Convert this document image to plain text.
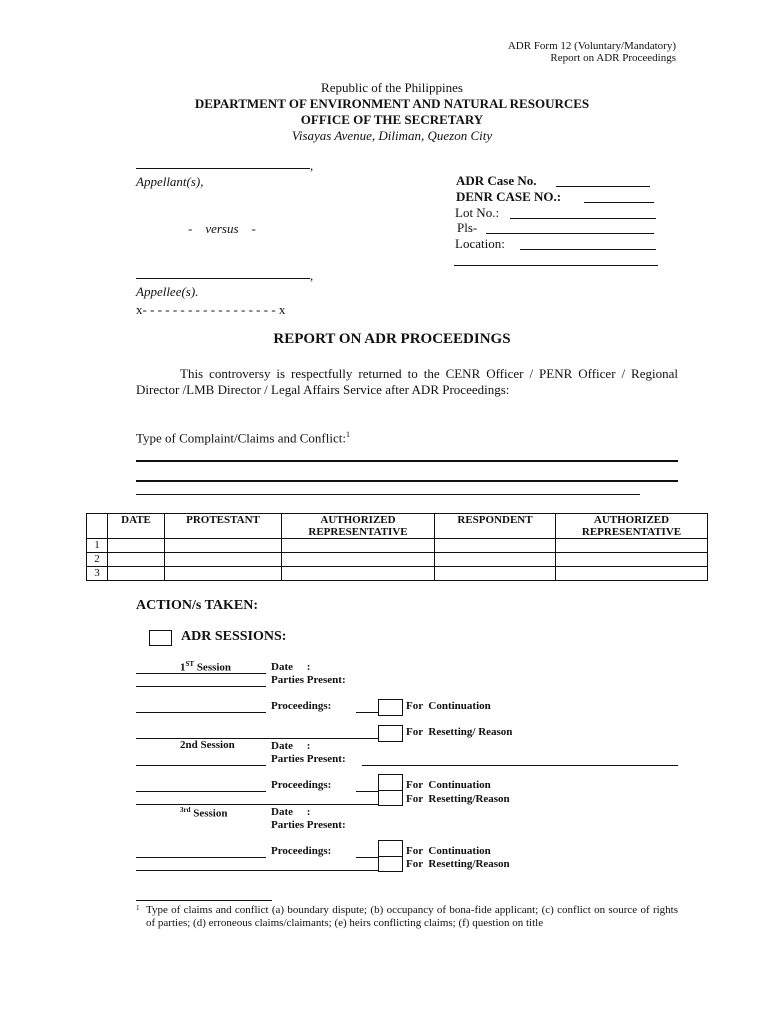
ADR Form 12 (Voluntary/Mandatory)
Report on ADR Proceedings
Republic of the Philippines
DEPARTMENT OF ENVIRONMENT AND NATURAL RESOURCES
OFFICE OF THE SECRETARY
Visayas Avenue, Diliman, Quezon City
,
Appellant(s),
-    versus    -
,
Appellee(s).
x- - - - - - - - - - - - - - - - - - x
ADR Case No.
DENR CASE NO.:
Lot No.:
Pls-
Location:
REPORT ON ADR PROCEEDINGS
This controversy is respectfully returned to the CENR Officer / PENR Officer / Regional Director /LMB Director / Legal Affairs Service after ADR Proceedings:
Type of Complaint/Claims and Conflict:$^1$
	DATE	PROTESTANT	AUTHORIZED REPRESENTATIVE	RESPONDENT	AUTHORIZED REPRESENTATIVE
1					
2					
3					
ACTION/s TAKEN:
ADR SESSIONS:
1ST Session	Date     :
Parties Present:
Proceedings:	For  Continuation
For  Resetting/ Reason
2nd Session	Date     :
Parties Present:
Proceedings:	For  Continuation
For  Resetting/Reason
$^{3rd}$ Session	Date     :
Parties Present:
Proceedings:	For  Continuation
For  Resetting/Reason
1 Type of claims and conflict (a) boundary dispute; (b) occupancy of bona-fide applicant; (c) conflict on source of rights of parties; (d) erroneous claims/claimants; (e) heirs conflicting claims; (f) question on title
